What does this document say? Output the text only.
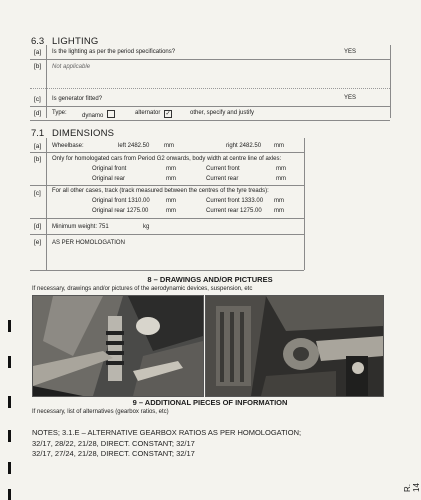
6.3 LIGHTING
[a] Is the lighting as per the period specifications?	YES
[b] Not applicable
[c] Is generator fitted?	YES
[d] Type:	dynamo	alternator ✓	other, specify and justify
7.1 DIMENSIONS
[a] Wheelbase:	left 2482.50 mm	right 2482.50 mm
[b] Only for homologated cars from Period G2 onwards, body width at centre line of axles:
Original front	mm	Current front	mm
Original rear	mm	Current rear	mm
[c] For all other cases, track (track measured between the centres of the tyre treads):
Original front 1310.00	mm	Current front 1333.00 mm
Original rear 1275.00	mm	Current rear 1275.00 mm
[d] Minimum weight: 751	kg
[e] AS PER HOMOLOGATION
8 – DRAWINGS AND/OR PICTURES
If necessary, drawings and/or pictures of the aerodynamic devices, suspension, etc
9 – ADDITIONAL PIECES OF INFORMATION
If necessary, list of alternatives (gearbox ratios, etc)
NOTES; 3.1.E – ALTERNATIVE GEARBOX RATIOS AS PER HOMOLOGATION;
32/17, 28/22, 21/28, DIRECT. CONSTANT; 32/17
32/17, 27/24, 21/28, DIRECT. CONSTANT; 32/17
R. 14
